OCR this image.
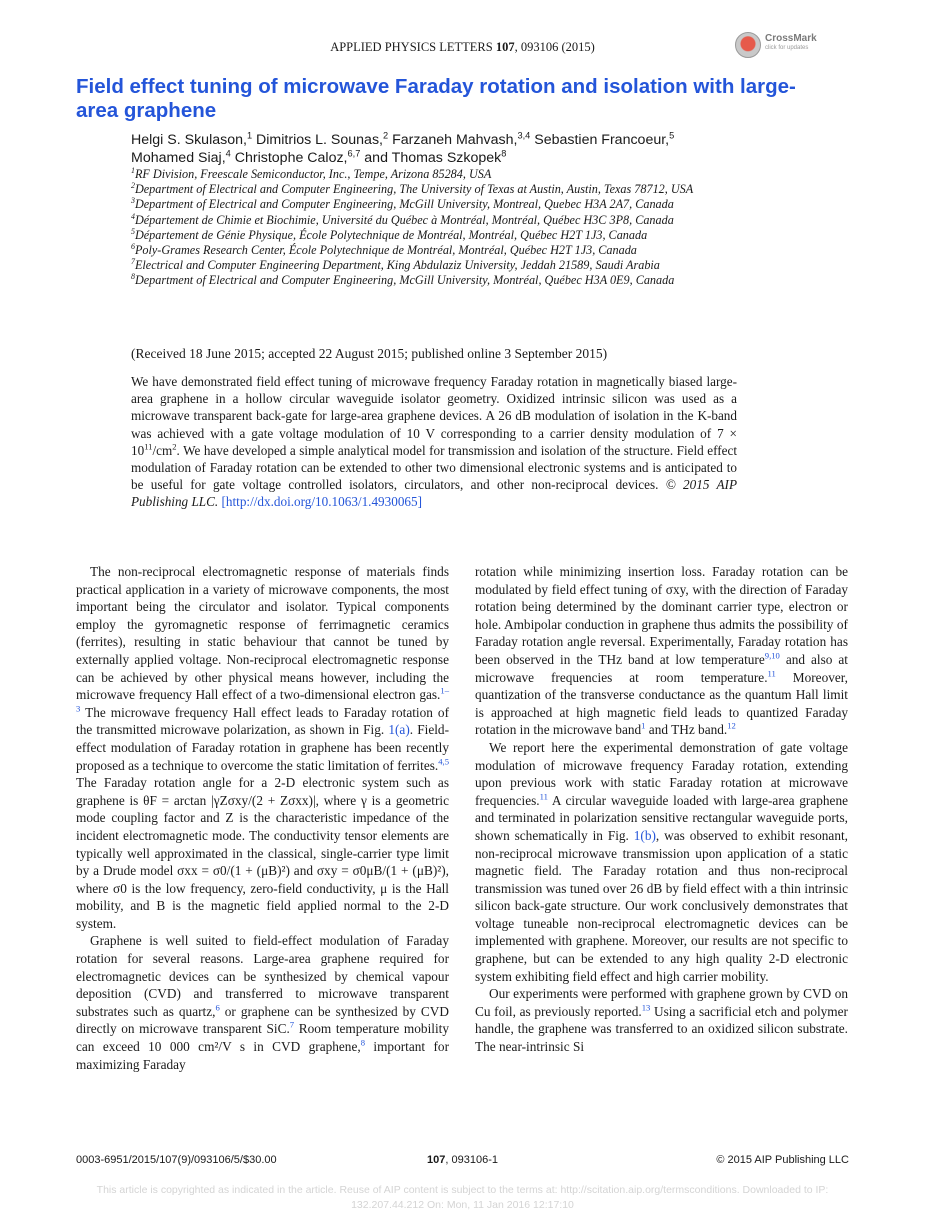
APPLIED PHYSICS LETTERS 107, 093106 (2015)
CrossMark
click for updates
Field effect tuning of microwave Faraday rotation and isolation with large-area graphene
Helgi S. Skulason,$^1$ Dimitrios L. Sounas,$^2$ Farzaneh Mahvash,$^{3,4}$ Sebastien Francoeur,$^5$
Mohamed Siaj,$^4$ Christophe Caloz,$^{6,7}$ and Thomas Szkopek$^8$
$^1$RF Division, Freescale Semiconductor, Inc., Tempe, Arizona 85284, USA
$^2$Department of Electrical and Computer Engineering, The University of Texas at Austin, Austin, Texas 78712, USA
$^3$Department of Electrical and Computer Engineering, McGill University, Montreal, Quebec H3A 2A7, Canada
$^4$Département de Chimie et Biochimie, Université du Québec à Montréal, Montréal, Québec H3C 3P8, Canada
$^5$Département de Génie Physique, École Polytechnique de Montréal, Montréal, Québec H2T 1J3, Canada
$^6$Poly-Grames Research Center, École Polytechnique de Montréal, Montréal, Québec H2T 1J3, Canada
$^7$Electrical and Computer Engineering Department, King Abdulaziz University, Jeddah 21589, Saudi Arabia
$^8$Department of Electrical and Computer Engineering, McGill University, Montréal, Québec H3A 0E9, Canada
(Received 18 June 2015; accepted 22 August 2015; published online 3 September 2015)
We have demonstrated field effect tuning of microwave frequency Faraday rotation in magnetically biased large-area graphene in a hollow circular waveguide isolator geometry. Oxidized intrinsic silicon was used as a microwave transparent back-gate for large-area graphene devices. A 26 dB modulation of isolation in the K-band was achieved with a gate voltage modulation of 10 V corresponding to a carrier density modulation of $7 \times 10^{11}/cm^2$. We have developed a simple analytical model for transmission and isolation of the structure. Field effect modulation of Faraday rotation can be extended to other two dimensional electronic systems and is anticipated to be useful for gate voltage controlled isolators, circulators, and other non-reciprocal devices. © 2015 AIP Publishing LLC. [http://dx.doi.org/10.1063/1.4930065]

The non-reciprocal electromagnetic response of materials finds practical application in a variety of microwave components, the most important being the circulator and isolator. Typical components employ the gyromagnetic response of ferrimagnetic ceramics (ferrites), resulting in static behaviour that cannot be tuned by externally applied voltage. Non-reciprocal electromagnetic response can be achieved by other physical means however, including the microwave frequency Hall effect of a two-dimensional electron gas.$^{1-3}$ The microwave frequency Hall effect leads to Faraday rotation of the transmitted microwave polarization, as shown in Fig. 1(a). Field-effect modulation of Faraday rotation in graphene has been recently proposed as a technique to overcome the static limitation of ferrites.$^{4,5}$ The Faraday rotation angle for a 2-D electronic system such as graphene is θF = arctan |γZσxy/(2 + Zσxx)|, where γ is a geometric mode coupling factor and Z is the characteristic impedance of the incident electromagnetic mode. The conductivity tensor elements are typically well approximated in the classical, single-carrier type limit by a Drude model σxx = σ0/(1 + (μB)²) and σxy = σ0μB/(1 + (μB)²), where σ0 is the low frequency, zero-field conductivity, μ is the Hall mobility, and B is the magnetic field applied normal to the 2-D system.

Graphene is well suited to field-effect modulation of Faraday rotation for several reasons. Large-area graphene required for electromagnetic devices can be synthesized by chemical vapour deposition (CVD) and transferred to microwave transparent substrates such as quartz,$^6$ or graphene can be synthesized by CVD directly on microwave transparent SiC.$^7$ Room temperature mobility can exceed 10 000 cm²/V s in CVD graphene,$^8$ important for maximizing Faraday

rotation while minimizing insertion loss. Faraday rotation can be modulated by field effect tuning of σxy, with the direction of Faraday rotation being determined by the dominant carrier type, electron or hole. Ambipolar conduction in graphene thus admits the possibility of Faraday rotation angle reversal. Experimentally, Faraday rotation has been observed in the THz band at low temperature$^{9,10}$ and also at microwave frequencies at room temperature.$^{11}$ Moreover, quantization of the transverse conductance as the quantum Hall limit is approached at high magnetic field leads to quantized Faraday rotation in the microwave band$^1$ and THz band.$^{12}$

We report here the experimental demonstration of gate voltage modulation of microwave frequency Faraday rotation, extending upon previous work with static Faraday rotation at microwave frequencies.$^{11}$ A circular waveguide loaded with large-area graphene and terminated in polarization sensitive rectangular waveguide ports, shown schematically in Fig. 1(b), was observed to exhibit resonant, non-reciprocal microwave transmission upon application of a static magnetic field. The Faraday rotation and thus non-reciprocal transmission was tuned over 26 dB by field effect with a thin intrinsic silicon back-gate structure. Our work conclusively demonstrates that voltage tuneable non-reciprocal electromagnetic devices can be implemented with graphene. Moreover, our results are not specific to graphene, but can be extended to any high quality 2-D electronic system exhibiting field effect and high carrier mobility.

Our experiments were performed with graphene grown by CVD on Cu foil, as previously reported.$^{13}$ Using a sacrificial etch and polymer handle, the graphene was transferred to an oxidized silicon substrate. The near-intrinsic Si

0003-6951/2015/107(9)/093106/5/$30.00	107, 093106-1	© 2015 AIP Publishing LLC
This article is copyrighted as indicated in the article. Reuse of AIP content is subject to the terms at: http://scitation.aip.org/termsconditions. Downloaded to IP:
132.207.44.212 On: Mon, 11 Jan 2016 12:17:10
